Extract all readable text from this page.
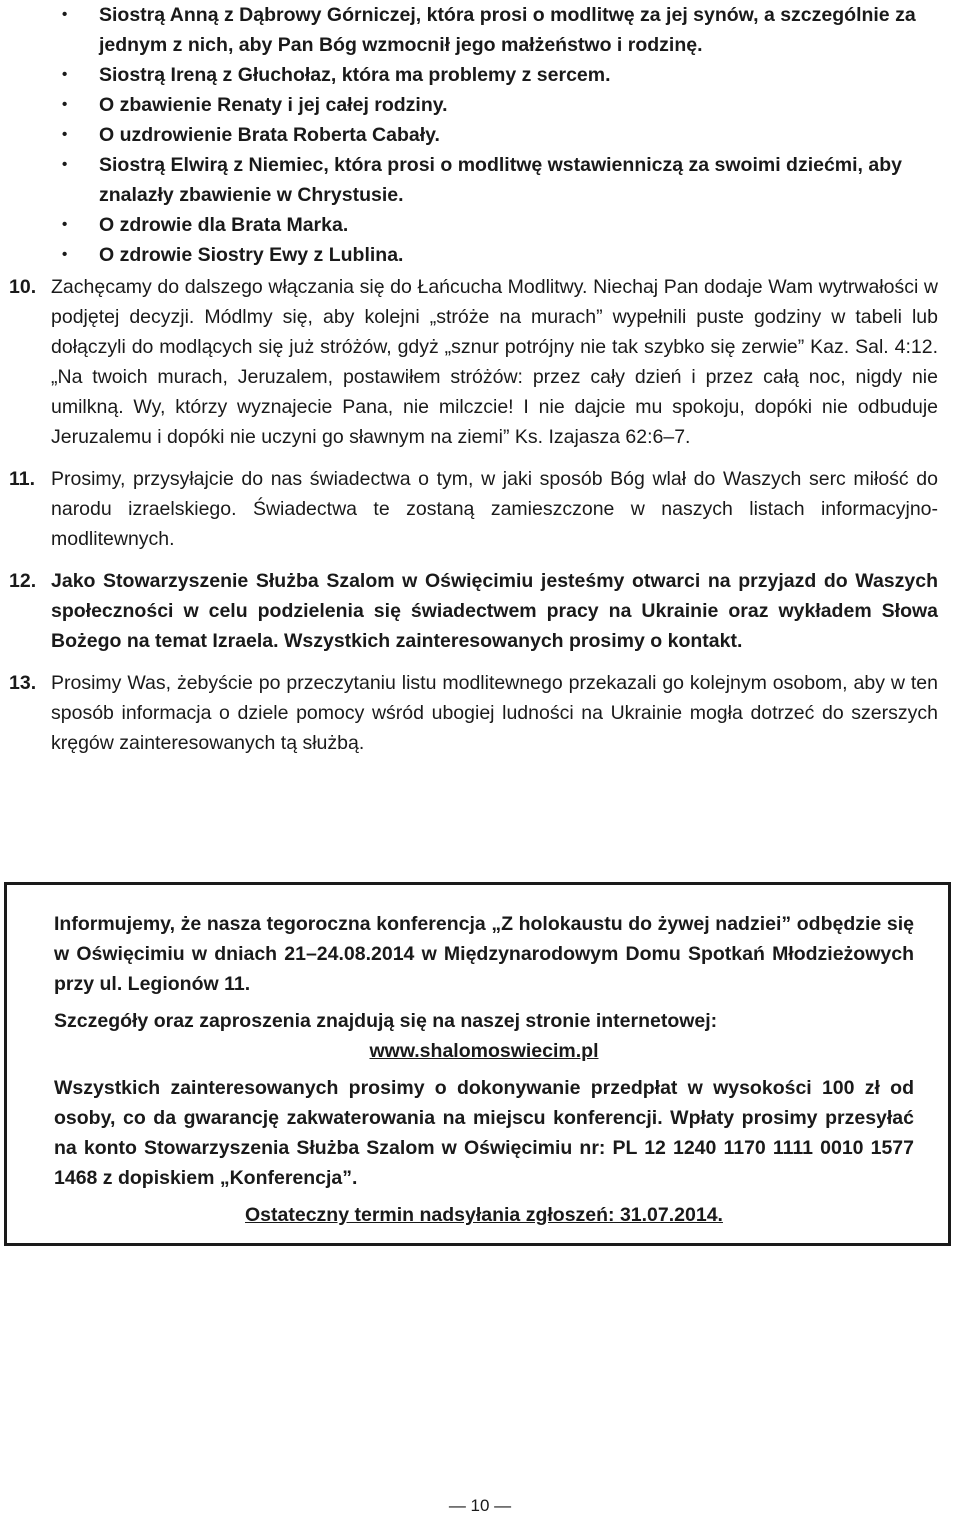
• Siostrą Anną z Dąbrowy Górniczej, która prosi o modlitwę za jej synów, a szczególnie za jednym z nich, aby Pan Bóg wzmocnił jego małżeństwo i rodzinę.
• Siostrą Ireną z Głuchołaz, która ma problemy z sercem.
• O zbawienie Renaty i jej całej rodziny.
• O uzdrowienie Brata Roberta Cabały.
• Siostrą Elwirą z Niemiec, która prosi o modlitwę wstawienniczą za swoimi dziećmi, aby znalazły zbawienie w Chrystusie.
• O zdrowie dla Brata Marka.
• O zdrowie Siostry Ewy z Lublina.
10. Zachęcamy do dalszego włączania się do Łańcucha Modlitwy. Niechaj Pan dodaje Wam wytrwałości w podjętej decyzji. Módlmy się, aby kolejni „stróże na murach” wypełnili puste godziny w tabeli lub dołączyli do modlących się już stróżów, gdyż „sznur potrójny nie tak szybko się zerwie” Kaz. Sal. 4:12. „Na twoich murach, Jeruzalem, postawiłem stróżów: przez cały dzień i przez całą noc, nigdy nie umilkną. Wy, którzy wyznajecie Pana, nie milczcie! I nie dajcie mu spokoju, dopóki nie odbuduje Jeruzalemu i dopóki nie uczyni go sławnym na ziemi” Ks. Izajasza 62:6–7.
11. Prosimy, przysyłajcie do nas świadectwa o tym, w jaki sposób Bóg wlał do Waszych serc miłość do narodu izraelskiego. Świadectwa te zostaną zamieszczone w naszych listach informacyjno-modlitewnych.
12. Jako Stowarzyszenie Służba Szalom w Oświęcimiu jesteśmy otwarci na przyjazd do Waszych społeczności w celu podzielenia się świadectwem pracy na Ukrainie oraz wykładem Słowa Bożego na temat Izraela. Wszystkich zainteresowanych prosimy o kontakt.
13. Prosimy Was, żebyście po przeczytaniu listu modlitewnego przekazali go kolejnym osobom, aby w ten sposób informacja o dziele pomocy wśród ubogiej ludności na Ukrainie mogła dotrzeć do szerszych kręgów zainteresowanych tą służbą.

Informujemy, że nasza tegoroczna konferencja „Z holokaustu do żywej nadziei” odbędzie się w Oświęcimiu w dniach 21–24.08.2014 w Międzynarodowym Domu Spotkań Młodzieżowych przy ul. Legionów 11.

Szczegóły oraz zaproszenia znajdują się na naszej stronie internetowej:

www.shalomoswiecim.pl

Wszystkich zainteresowanych prosimy o dokonywanie przedpłat w wysokości 100 zł od osoby, co da gwarancję zakwaterowania na miejscu konferencji. Wpłaty prosimy przesyłać na konto Stowarzyszenia Służba Szalom w Oświęcimiu nr: PL 12 1240 1170 1111 0010 1577 1468 z dopiskiem „Konferencja”.

Ostateczny termin nadsyłania zgłoszeń: 31.07.2014.

— 10 —
